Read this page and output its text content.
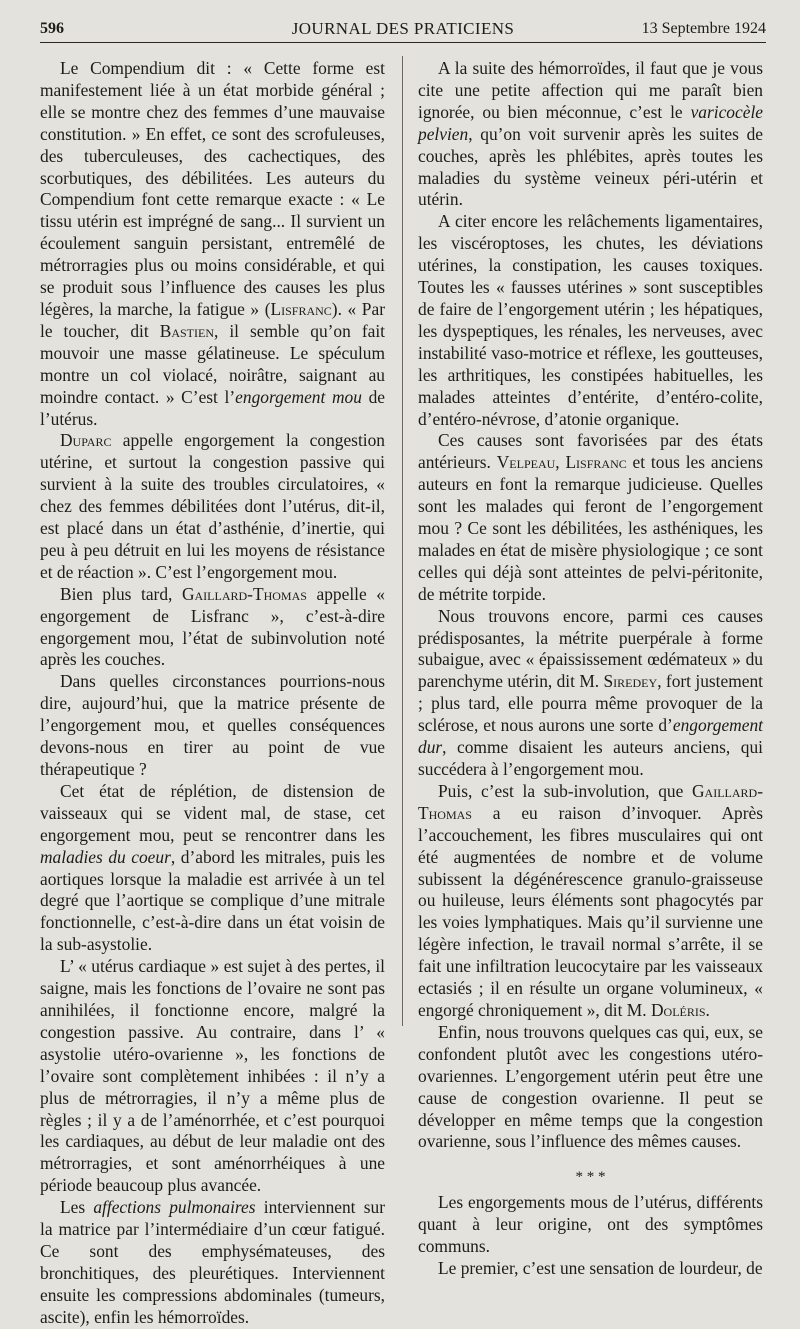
596	JOURNAL DES PRATICIENS	13 Septembre 1924

Le Compendium dit : « Cette forme est manifestement liée à un état morbide général ; elle se montre chez des femmes d’une mauvaise constitution. » En effet, ce sont des scrofuleuses, des tuberculeuses, des cachectiques, des scorbutiques, des débilitées. Les auteurs du Compendium font cette remarque exacte : « Le tissu utérin est imprégné de sang... Il survient un écoulement sanguin persistant, entremêlé de métrorragies plus ou moins considérable, et qui se produit sous l’influence des causes les plus légères, la marche, la fatigue » (Lisfranc). « Par le toucher, dit Bastien, il semble qu’on fait mouvoir une masse gélatineuse. Le spéculum montre un col violacé, noirâtre, saignant au moindre contact. » C’est l’engorgement mou de l’utérus.

Duparc appelle engorgement la congestion utérine, et surtout la congestion passive qui survient à la suite des troubles circulatoires, « chez des femmes débilitées dont l’utérus, dit-il, est placé dans un état d’asthénie, d’inertie, qui peu à peu détruit en lui les moyens de résistance et de réaction ». C’est l’engorgement mou.

Bien plus tard, Gaillard-Thomas appelle « engorgement de Lisfranc », c’est-à-dire engorgement mou, l’état de subinvolution noté après les couches.

Dans quelles circonstances pourrions-nous dire, aujourd’hui, que la matrice présente de l’engorgement mou, et quelles conséquences devons-nous en tirer au point de vue thérapeutique ?

Cet état de réplétion, de distension de vaisseaux qui se vident mal, de stase, cet engorgement mou, peut se rencontrer dans les maladies du coeur, d’abord les mitrales, puis les aortiques lorsque la maladie est arrivée à un tel degré que l’aortique se complique d’une mitrale fonctionnelle, c’est-à-dire dans un état voisin de la sub-asystolie.

L’ « utérus cardiaque » est sujet à des pertes, il saigne, mais les fonctions de l’ovaire ne sont pas annihilées, il fonctionne encore, malgré la congestion passive. Au contraire, dans l’ « asystolie utéro-ovarienne », les fonctions de l’ovaire sont complètement inhibées : il n’y a plus de métrorragies, il n’y a même plus de règles ; il y a de l’aménorrhée, et c’est pourquoi les cardiaques, au début de leur maladie ont des métrorragies, et sont aménorrhéiques à une période beaucoup plus avancée.

Les affections pulmonaires interviennent sur la matrice par l’intermédiaire d’un cœur fatigué. Ce sont des emphysémateuses, des bronchitiques, des pleurétiques. Interviennent ensuite les compressions abdominales (tumeurs, ascite), enfin les hémorroïdes.

A la suite des hémorroïdes, il faut que je vous cite une petite affection qui me paraît bien ignorée, ou bien méconnue, c’est le varicocèle pelvien, qu’on voit survenir après les suites de couches, après les phlébites, après toutes les maladies du système veineux péri-utérin et utérin.

A citer encore les relâchements ligamentaires, les viscéroptoses, les chutes, les déviations utérines, la constipation, les causes toxiques. Toutes les « fausses utérines » sont susceptibles de faire de l’engorgement utérin ; les hépatiques, les dyspeptiques, les rénales, les nerveuses, avec instabilité vaso-motrice et réflexe, les goutteuses, les arthritiques, les constipées habituelles, les malades atteintes d’entérite, d’entéro-colite, d’entéro-névrose, d’atonie organique.

Ces causes sont favorisées par des états antérieurs. Velpeau, Lisfranc et tous les anciens auteurs en font la remarque judicieuse. Quelles sont les malades qui feront de l’engorgement mou ? Ce sont les débilitées, les asthéniques, les malades en état de misère physiologique ; ce sont celles qui déjà sont atteintes de pelvi-péritonite, de métrite torpide.

Nous trouvons encore, parmi ces causes prédisposantes, la métrite puerpérale à forme subaigue, avec « épaississement œdémateux » du parenchyme utérin, dit M. Siredey, fort justement ; plus tard, elle pourra même provoquer de la sclérose, et nous aurons une sorte d’engorgement dur, comme disaient les auteurs anciens, qui succédera à l’engorgement mou.

Puis, c’est la sub-involution, que Gaillard-Thomas a eu raison d’invoquer. Après l’accouchement, les fibres musculaires qui ont été augmentées de nombre et de volume subissent la dégénérescence granulo-graisseuse ou huileuse, leurs éléments sont phagocytés par les voies lymphatiques. Mais qu’il survienne une légère infection, le travail normal s’arrête, il se fait une infiltration leucocytaire par les vaisseaux ectasiés ; il en résulte un organe volumineux, « engorgé chroniquement », dit M. Doléris.

Enfin, nous trouvons quelques cas qui, eux, se confondent plutôt avec les congestions utéro-ovariennes. L’engorgement utérin peut être une cause de congestion ovarienne. Il peut se développer en même temps que la congestion ovarienne, sous l’influence des mêmes causes.

* * *

Les engorgements mous de l’utérus, différents quant à leur origine, ont des symptômes communs.

Le premier, c’est une sensation de lourdeur, de
